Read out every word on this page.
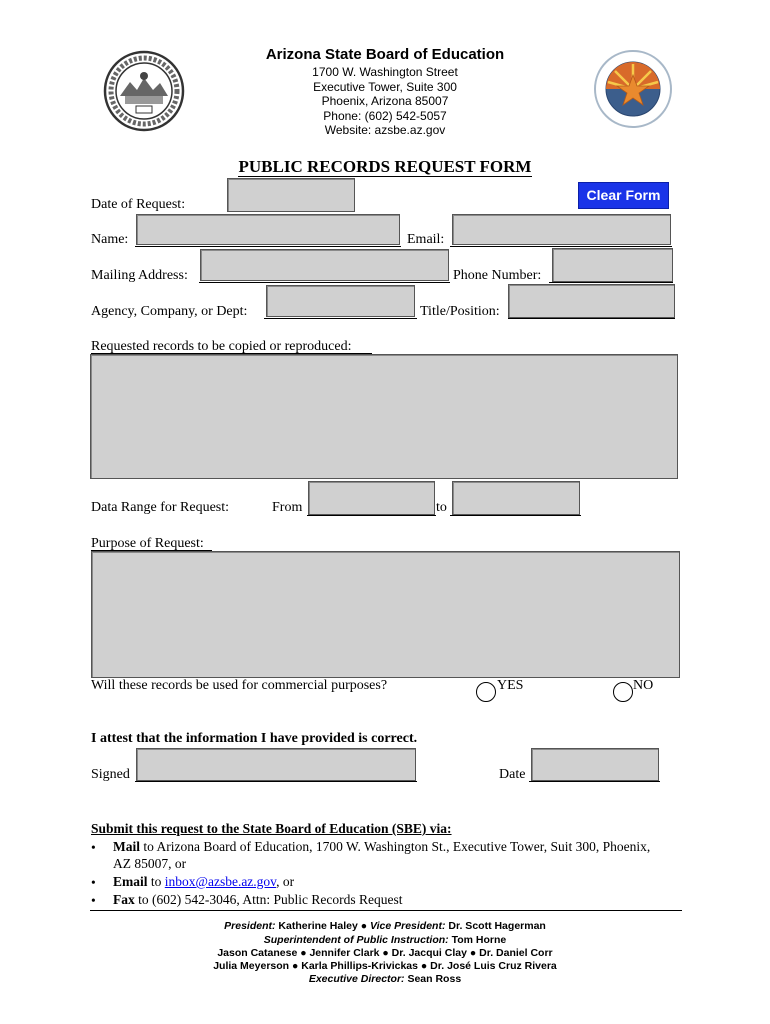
Arizona State Board of Education
1700 W. Washington Street
Executive Tower, Suite 300
Phoenix, Arizona 85007
Phone: (602) 542-5057
Website: azsbe.az.gov
PUBLIC RECORDS REQUEST FORM
Clear Form
Date of Request:
Name:	Email:
Mailing Address:	Phone Number:
Agency, Company, or Dept:	Title/Position:
Requested records to be copied or reproduced:
Data Range for Request:	From	to
Purpose of Request:
Will these records be used for commercial purposes?	YES	NO
I attest that the information I have provided is correct.
Signed	Date
Submit this request to the State Board of Education (SBE) via:
• Mail to Arizona Board of Education, 1700 W. Washington St., Executive Tower, Suit 300, Phoenix,
AZ 85007, or
• Email to inbox@azsbe.az.gov, or
• Fax to (602) 542-3046, Attn: Public Records Request
President: Katherine Haley ● Vice President: Dr. Scott Hagerman
Superintendent of Public Instruction: Tom Horne
Jason Catanese ● Jennifer Clark ● Dr. Jacqui Clay ● Dr. Daniel Corr
Julia Meyerson ● Karla Phillips-Krivickas ● Dr. José Luis Cruz Rivera
Executive Director: Sean Ross
